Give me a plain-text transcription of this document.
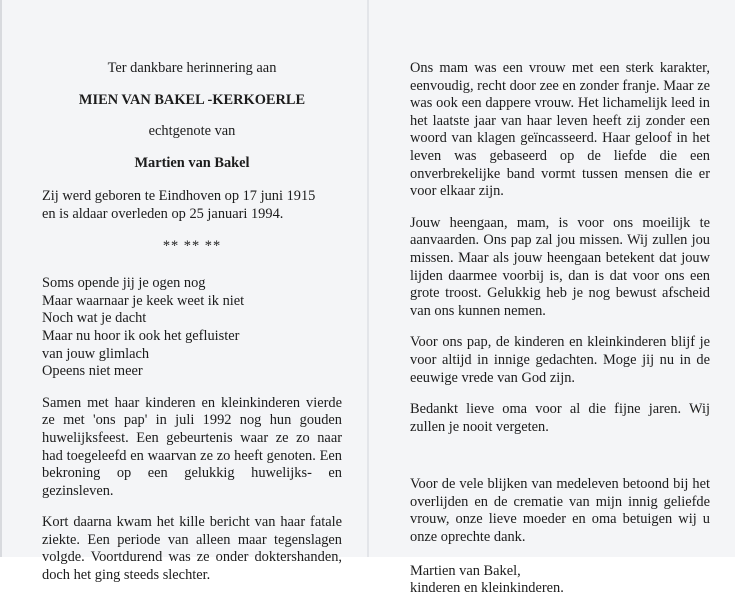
Ter dankbare herinnering aan

MIEN VAN BAKEL -KERKOERLE

echtgenote van

Martien van Bakel

Zij werd geboren te Eindhoven op 17 juni 1915

en is aldaar overleden op 25 januari 1994.

** ** **

Soms opende jij je ogen nog
Maar waarnaar je keek weet ik niet
Noch wat je dacht
Maar nu hoor ik ook het gefluister
van jouw glimlach
Opeens niet meer

Samen met haar kinderen en kleinkinderen vierde ze met 'ons pap' in juli 1992 nog hun gouden huwelijksfeest. Een gebeurtenis waar ze zo naar had toegeleefd en waarvan ze zo heeft genoten. Een bekroning op een gelukkig huwelijks- en gezinsleven.

Kort daarna kwam het kille bericht van haar fatale ziekte. Een periode van alleen maar tegenslagen volgde. Voortdurend was ze onder doktershanden, doch het ging steeds slechter.

Ons mam was een vrouw met een sterk karakter, eenvoudig, recht door zee en zonder franje. Maar ze was ook een dappere vrouw. Het lichamelijk leed in het laatste jaar van haar leven heeft zij zonder een woord van klagen geïncasseerd. Haar geloof in het leven was gebaseerd op de liefde die een onverbrekelijke band vormt tussen mensen die er voor elkaar zijn.

Jouw heengaan, mam, is voor ons moeilijk te aanvaarden. Ons pap zal jou missen. Wij zullen jou missen. Maar als jouw heengaan betekent dat jouw lijden daarmee voorbij is, dan is dat voor ons een grote troost. Gelukkig heb je nog bewust afscheid van ons kunnen nemen.

Voor ons pap, de kinderen en kleinkinderen blijf je voor altijd in innige gedachten. Moge jij nu in de eeuwige vrede van God zijn.

Bedankt lieve oma voor al die fijne jaren. Wij zullen je nooit vergeten.

Voor de vele blijken van medeleven betoond bij het overlijden en de crematie van mijn innig geliefde vrouw, onze lieve moeder en oma betuigen wij u onze oprechte dank.

Martien van Bakel,

kinderen en kleinkinderen.
